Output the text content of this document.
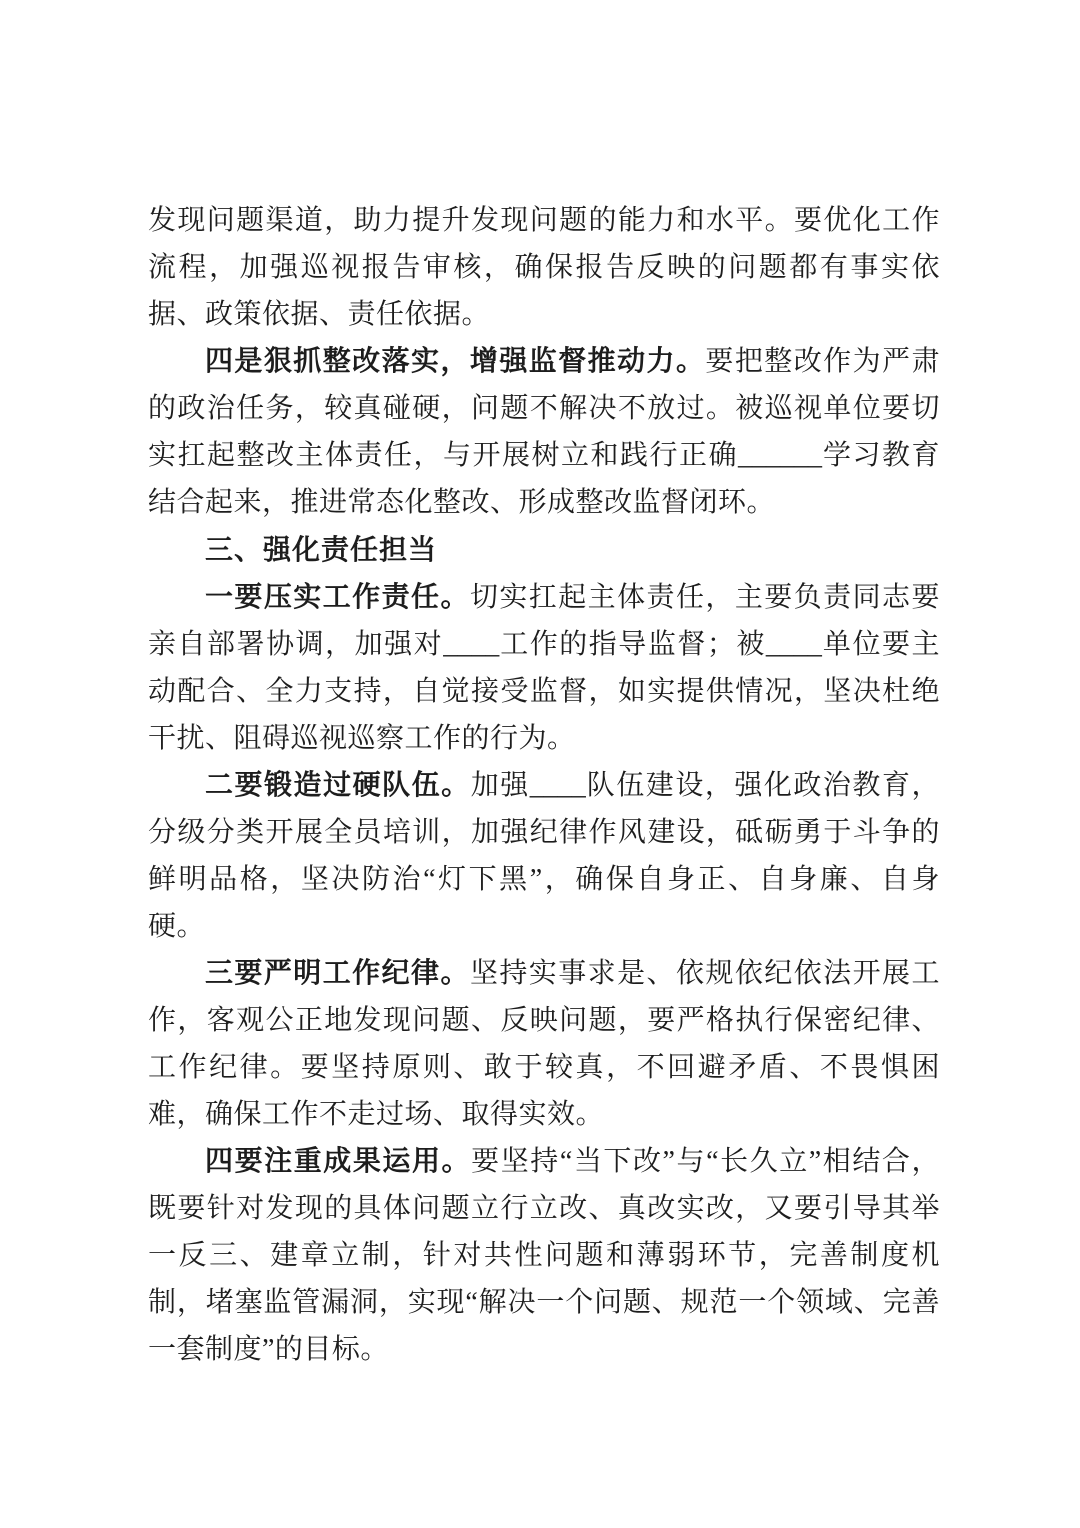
发现问题渠道，助力提升发现问题的能力和水平。要优化工作流程，加强巡视报告审核，确保报告反映的问题都有事实依据、政策依据、责任依据。

四是狠抓整改落实，增强监督推动力。要把整改作为严肃的政治任务，较真碰硬，问题不解决不放过。被巡视单位要切实扛起整改主体责任，与开展树立和践行正确______学习教育结合起来，推进常态化整改、形成整改监督闭环。

三、强化责任担当

一要压实工作责任。切实扛起主体责任，主要负责同志要亲自部署协调，加强对____工作的指导监督；被____单位要主动配合、全力支持，自觉接受监督，如实提供情况，坚决杜绝干扰、阻碍巡视巡察工作的行为。

二要锻造过硬队伍。加强____队伍建设，强化政治教育，分级分类开展全员培训，加强纪律作风建设，砥砺勇于斗争的鲜明品格，坚决防治“灯下黑”，确保自身正、自身廉、自身硬。

三要严明工作纪律。坚持实事求是、依规依纪依法开展工作，客观公正地发现问题、反映问题，要严格执行保密纪律、工作纪律。要坚持原则、敢于较真，不回避矛盾、不畏惧困难，确保工作不走过场、取得实效。

四要注重成果运用。要坚持“当下改”与“长久立”相结合，既要针对发现的具体问题立行立改、真改实改，又要引导其举一反三、建章立制，针对共性问题和薄弱环节，完善制度机制，堵塞监管漏洞，实现“解决一个问题、规范一个领域、完善一套制度”的目标。
